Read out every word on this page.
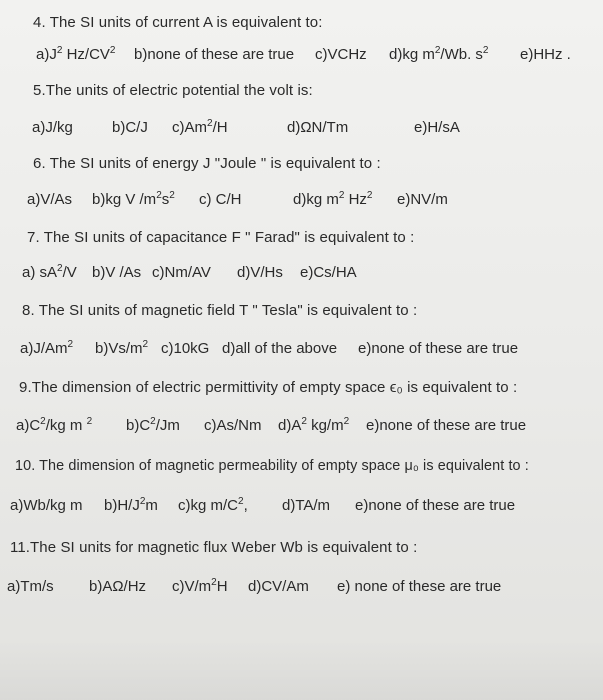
4. The SI units of current A is equivalent to:
$a)J^2$ $Hz/CV^2$ b)none of these are true c)VCHz d)kg $m^2/Wb$. $s^2$ e)HHz .
5.The units of electric potential the volt is:
a)J/kg	b)C/J c)Am$^2$/H	d)ΩN/Tm	e)H/sA
6. The SI units of energy J "Joule " is equivalent to :
a)V/As b)kg V $/m^2s^2$ c) C/H	d)kg $m^2$ Hz$^2$ e)NV/m
7. The SI units of capacitance F " Farad" is equivalent to :
a) $sA^2/V$ b)V /As c)Nm/AV d)V/Hs e)Cs/HA
8. The SI units of magnetic field T " Tesla" is equivalent to :
a)J/Am$^2$ $b)Vs/m^2$ c)10kG d)all of the above e)none of these are true
9.The dimension of electric permittivity of empty space ϵ₀ is equivalent to :
$a)C^2/kg$ m $^2$ $b)C^2/Jm$ c)As/Nm $d)A^2$ $kg/m^2$ e)none of these are true
10. The dimension of magnetic permeability of empty space μ₀ is equivalent to :
a)Wb/kg m $b)H/J^2m$ c)kg $m/C^2$, d)TA/m e)none of these are true
11.The SI units for magnetic flux Weber Wb is equivalent to :
a)Tm/s b)AΩ/Hz $c)V/m^2H$ d)CV/Am e) none of these are true
